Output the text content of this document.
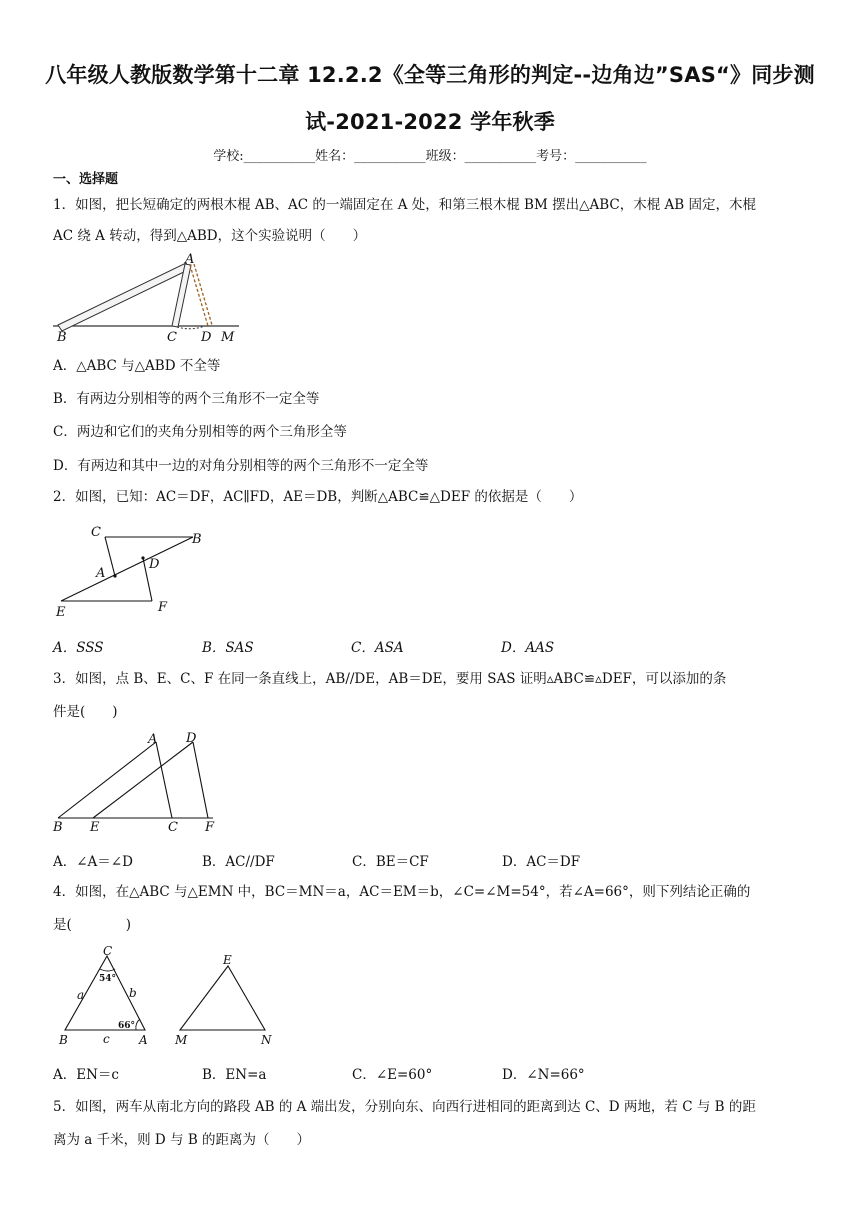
八年级人教版数学第十二章 12.2.2《全等三角形的判定--边角边”SAS“》同步测
试-2021-2022 学年秋季
学校:___________姓名：___________班级：___________考号：___________
一、选择题
1．如图，把长短确定的两根木棍 AB、AC 的一端固定在 A 处，和第三根木棍 BM 摆出△ABC，木棍 AB 固定，木棍
AC 绕 A 转动，得到△ABD，这个实验说明（　　）
A
B	C D M
A．△ABC 与△ABD 不全等
B．有两边分别相等的两个三角形不一定全等
C．两边和它们的夹角分别相等的两个三角形全等
D．有两边和其中一边的对角分别相等的两个三角形不一定全等
2．如图，已知：AC＝DF，AC∥FD，AE＝DB，判断△ABC≌△DEF 的依据是（　　）
C	B
A
D
E	F
A．SSS	B．SAS	C．ASA	D．AAS
3．如图，点 B、E、C、F 在同一条直线上，AB//DE，AB＝DE，要用 SAS 证明▵ABC≌▵DEF，可以添加的条
件是(　　)
A D
B E	C F
A．∠A＝∠D	B．AC//DF	C．BE＝CF	D．AC＝DF
4．如图，在△ABC 与△EMN 中，BC＝MN＝a，AC＝EM＝b，∠C=∠M=54°，若∠A=66°，则下列结论正确的
是(　　　　)
C
54°
a	b
66°
B	c A
E
M	N
A．EN＝c	B．EN=a	C．∠E=60°	D．∠N=66°
5．如图，两车从南北方向的路段 AB 的 A 端出发，分别向东、向西行进相同的距离到达 C、D 两地，若 C 与 B 的距
离为 a 千米，则 D 与 B 的距离为（　　）
